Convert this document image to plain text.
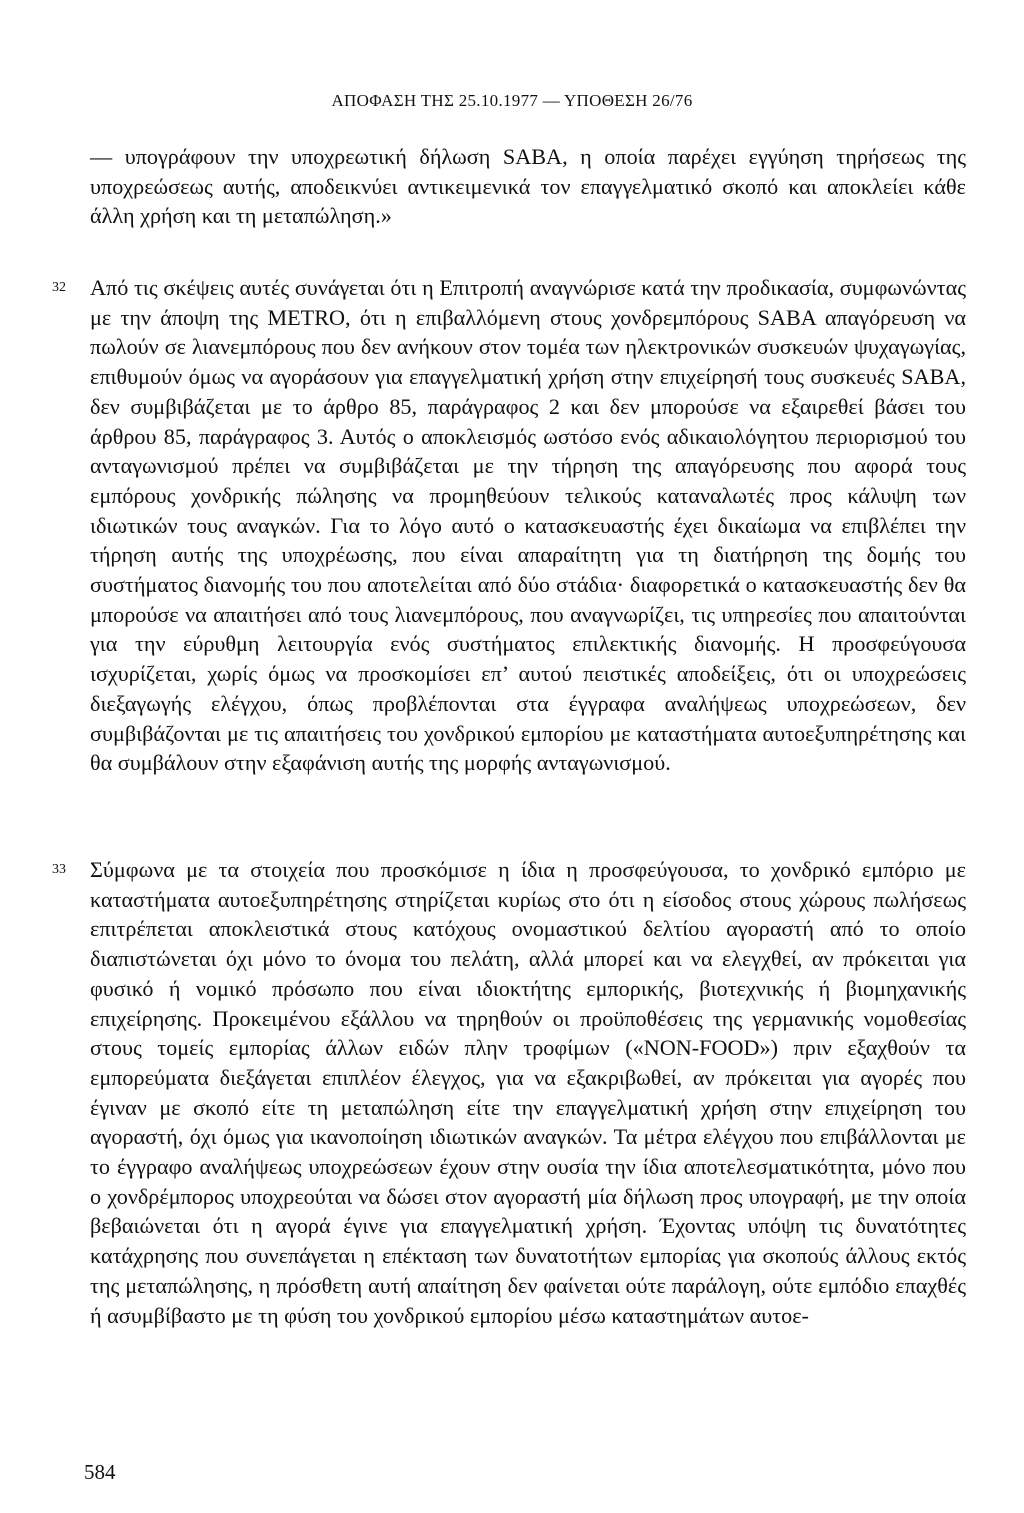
ΑΠΟΦΑΣΗ ΤΗΣ 25.10.1977 — ΥΠΟΘΕΣΗ 26/76

— υπογράφουν την υποχρεωτική δήλωση SABA, η οποία παρέχει εγγύηση τηρήσεως της υποχρεώσεως αυτής, αποδεικνύει αντικειμενικά τον επαγγελματικό σκοπό και αποκλείει κάθε άλλη χρήση και τη μεταπώληση.»

32 Από τις σκέψεις αυτές συνάγεται ότι η Επιτροπή αναγνώρισε κατά την προδικασία, συμφωνώντας με την άποψη της METRO, ότι η επιβαλλόμενη στους χονδρεμπόρους SABA απαγόρευση να πωλούν σε λιανεμπόρους που δεν ανήκουν στον τομέα των ηλεκτρονικών συσκευών ψυχαγωγίας, επιθυμούν όμως να αγοράσουν για επαγγελματική χρήση στην επιχείρησή τους συσκευές SABA, δεν συμβιβάζεται με το άρθρο 85, παράγραφος 2 και δεν μπορούσε να εξαιρεθεί βάσει του άρθρου 85, παράγραφος 3. Αυτός ο αποκλεισμός ωστόσο ενός αδικαιολόγητου περιορισμού του ανταγωνισμού πρέπει να συμβιβάζεται με την τήρηση της απαγόρευσης που αφορά τους εμπόρους χονδρικής πώλησης να προμηθεύουν τελικούς καταναλωτές προς κάλυψη των ιδιωτικών τους αναγκών. Για το λόγο αυτό ο κατασκευαστής έχει δικαίωμα να επιβλέπει την τήρηση αυτής της υποχρέωσης, που είναι απαραίτητη για τη διατήρηση της δομής του συστήματος διανομής του που αποτελείται από δύο στάδια· διαφορετικά ο κατασκευαστής δεν θα μπορούσε να απαιτήσει από τους λιανεμπόρους, που αναγνωρίζει, τις υπηρεσίες που απαιτούνται για την εύρυθμη λειτουργία ενός συστήματος επιλεκτικής διανομής. Η προσφεύγουσα ισχυρίζεται, χωρίς όμως να προσκομίσει επ’ αυτού πειστικές αποδείξεις, ότι οι υποχρεώσεις διεξαγωγής ελέγχου, όπως προβλέπονται στα έγγραφα αναλήψεως υποχρεώσεων, δεν συμβιβάζονται με τις απαιτήσεις του χονδρικού εμπορίου με καταστήματα αυτοεξυπηρέτησης και θα συμβάλουν στην εξαφάνιση αυτής της μορφής ανταγωνισμού.

33 Σύμφωνα με τα στοιχεία που προσκόμισε η ίδια η προσφεύγουσα, το χονδρικό εμπόριο με καταστήματα αυτοεξυπηρέτησης στηρίζεται κυρίως στο ότι η είσοδος στους χώρους πωλήσεως επιτρέπεται αποκλειστικά στους κατόχους ονομαστικού δελτίου αγοραστή από το οποίο διαπιστώνεται όχι μόνο το όνομα του πελάτη, αλλά μπορεί και να ελεγχθεί, αν πρόκειται για φυσικό ή νομικό πρόσωπο που είναι ιδιοκτήτης εμπορικής, βιοτεχνικής ή βιομηχανικής επιχείρησης. Προκειμένου εξάλλου να τηρηθούν οι προϋποθέσεις της γερμανικής νομοθεσίας στους τομείς εμπορίας άλλων ειδών πλην τροφίμων («NON-FOOD») πριν εξαχθούν τα εμπορεύματα διεξάγεται επιπλέον έλεγχος, για να εξακριβωθεί, αν πρόκειται για αγορές που έγιναν με σκοπό είτε τη μεταπώληση είτε την επαγγελματική χρήση στην επιχείρηση του αγοραστή, όχι όμως για ικανοποίηση ιδιωτικών αναγκών. Τα μέτρα ελέγχου που επιβάλλονται με το έγγραφο αναλήψεως υποχρεώσεων έχουν στην ουσία την ίδια αποτελεσματικότητα, μόνο που ο χονδρέμπορος υποχρεούται να δώσει στον αγοραστή μία δήλωση προς υπογραφή, με την οποία βεβαιώνεται ότι η αγορά έγινε για επαγγελματική χρήση. Έχοντας υπόψη τις δυνατότητες κατάχρησης που συνεπάγεται η επέκταση των δυνατοτήτων εμπορίας για σκοπούς άλλους εκτός της μεταπώλησης, η πρόσθετη αυτή απαίτηση δεν φαίνεται ούτε παράλογη, ούτε εμπόδιο επαχθές ή ασυμβίβαστο με τη φύση του χονδρικού εμπορίου μέσω καταστημάτων αυτοε-

584
